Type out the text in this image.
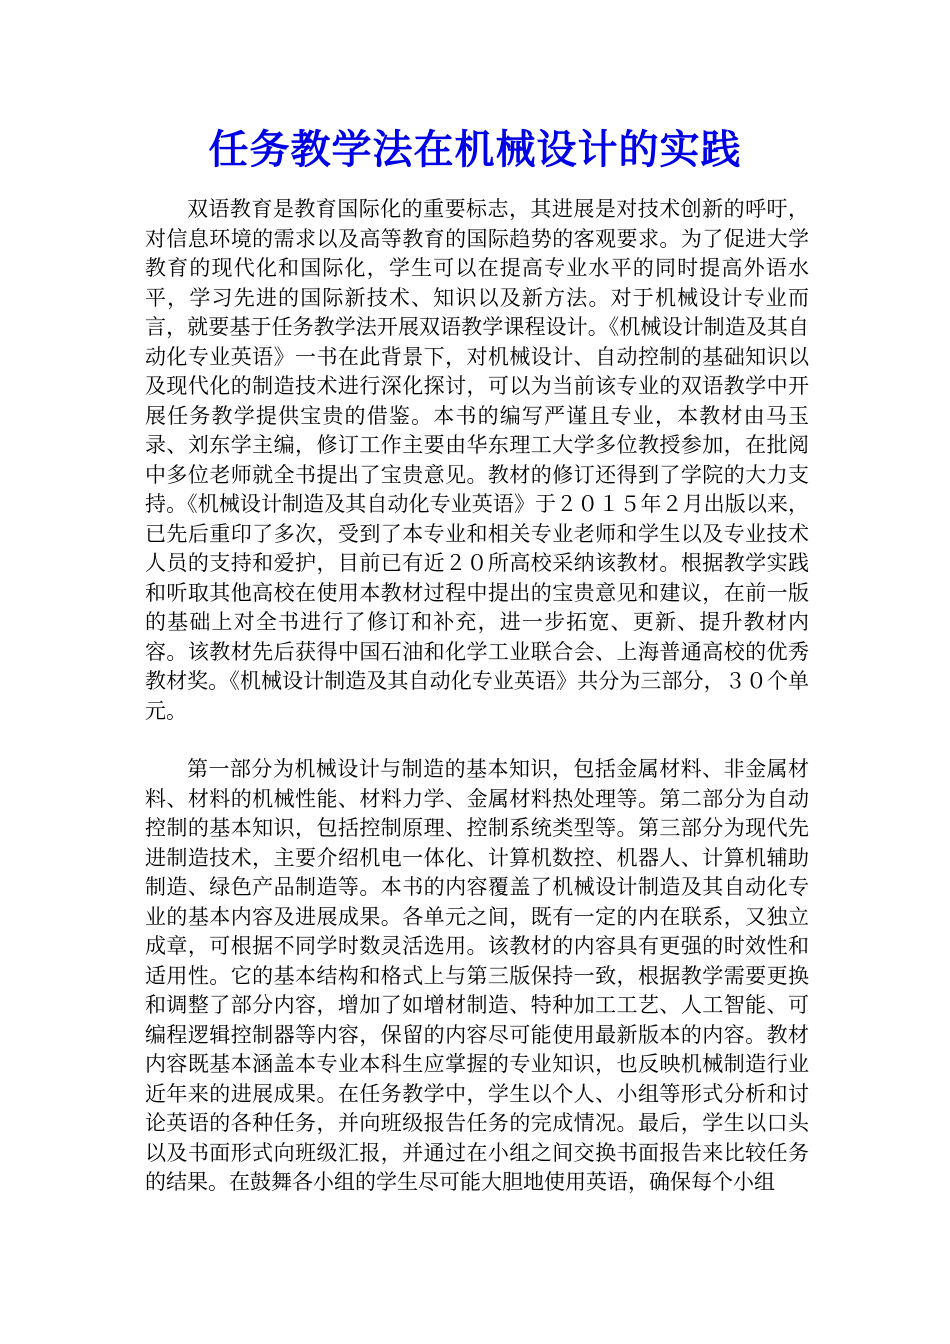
任务教学法在机械设计的实践

双语教育是教育国际化的重要标志，其进展是对技术创新的呼吁，对信息环境的需求以及高等教育的国际趋势的客观要求。为了促进大学教育的现代化和国际化，学生可以在提高专业水平的同时提高外语水平，学习先进的国际新技术、知识以及新方法。对于机械设计专业而言，就要基于任务教学法开展双语教学课程设计。《机械设计制造及其自动化专业英语》一书在此背景下，对机械设计、自动控制的基础知识以及现代化的制造技术进行深化探讨，可以为当前该专业的双语教学中开展任务教学提供宝贵的借鉴。本书的编写严谨且专业，本教材由马玉录、刘东学主编，修订工作主要由华东理工大学多位教授参加，在批阅中多位老师就全书提出了宝贵意见。教材的修订还得到了学院的大力支持。《机械设计制造及其自动化专业英语》于２０１５年２月出版以来，已先后重印了多次，受到了本专业和相关专业老师和学生以及专业技术人员的支持和爱护，目前已有近２０所高校采纳该教材。根据教学实践和听取其他高校在使用本教材过程中提出的宝贵意见和建议，在前一版的基础上对全书进行了修订和补充，进一步拓宽、更新、提升教材内容。该教材先后获得中国石油和化学工业联合会、上海普通高校的优秀教材奖。《机械设计制造及其自动化专业英语》共分为三部分，３０个单元。

第一部分为机械设计与制造的基本知识，包括金属材料、非金属材料、材料的机械性能、材料力学、金属材料热处理等。第二部分为自动控制的基本知识，包括控制原理、控制系统类型等。第三部分为现代先进制造技术，主要介绍机电一体化、计算机数控、机器人、计算机辅助制造、绿色产品制造等。本书的内容覆盖了机械设计制造及其自动化专业的基本内容及进展成果。各单元之间，既有一定的内在联系，又独立成章，可根据不同学时数灵活选用。该教材的内容具有更强的时效性和适用性。它的基本结构和格式上与第三版保持一致，根据教学需要更换和调整了部分内容，增加了如增材制造、特种加工工艺、人工智能、可编程逻辑控制器等内容，保留的内容尽可能使用最新版本的内容。教材内容既基本涵盖本专业本科生应掌握的专业知识，也反映机械制造行业近年来的进展成果。在任务教学中，学生以个人、小组等形式分析和讨论英语的各种任务，并向班级报告任务的完成情况。最后，学生以口头以及书面形式向班级汇报，并通过在小组之间交换书面报告来比较任务的结果。在鼓舞各小组的学生尽可能大胆地使用英语，确保每个小组
